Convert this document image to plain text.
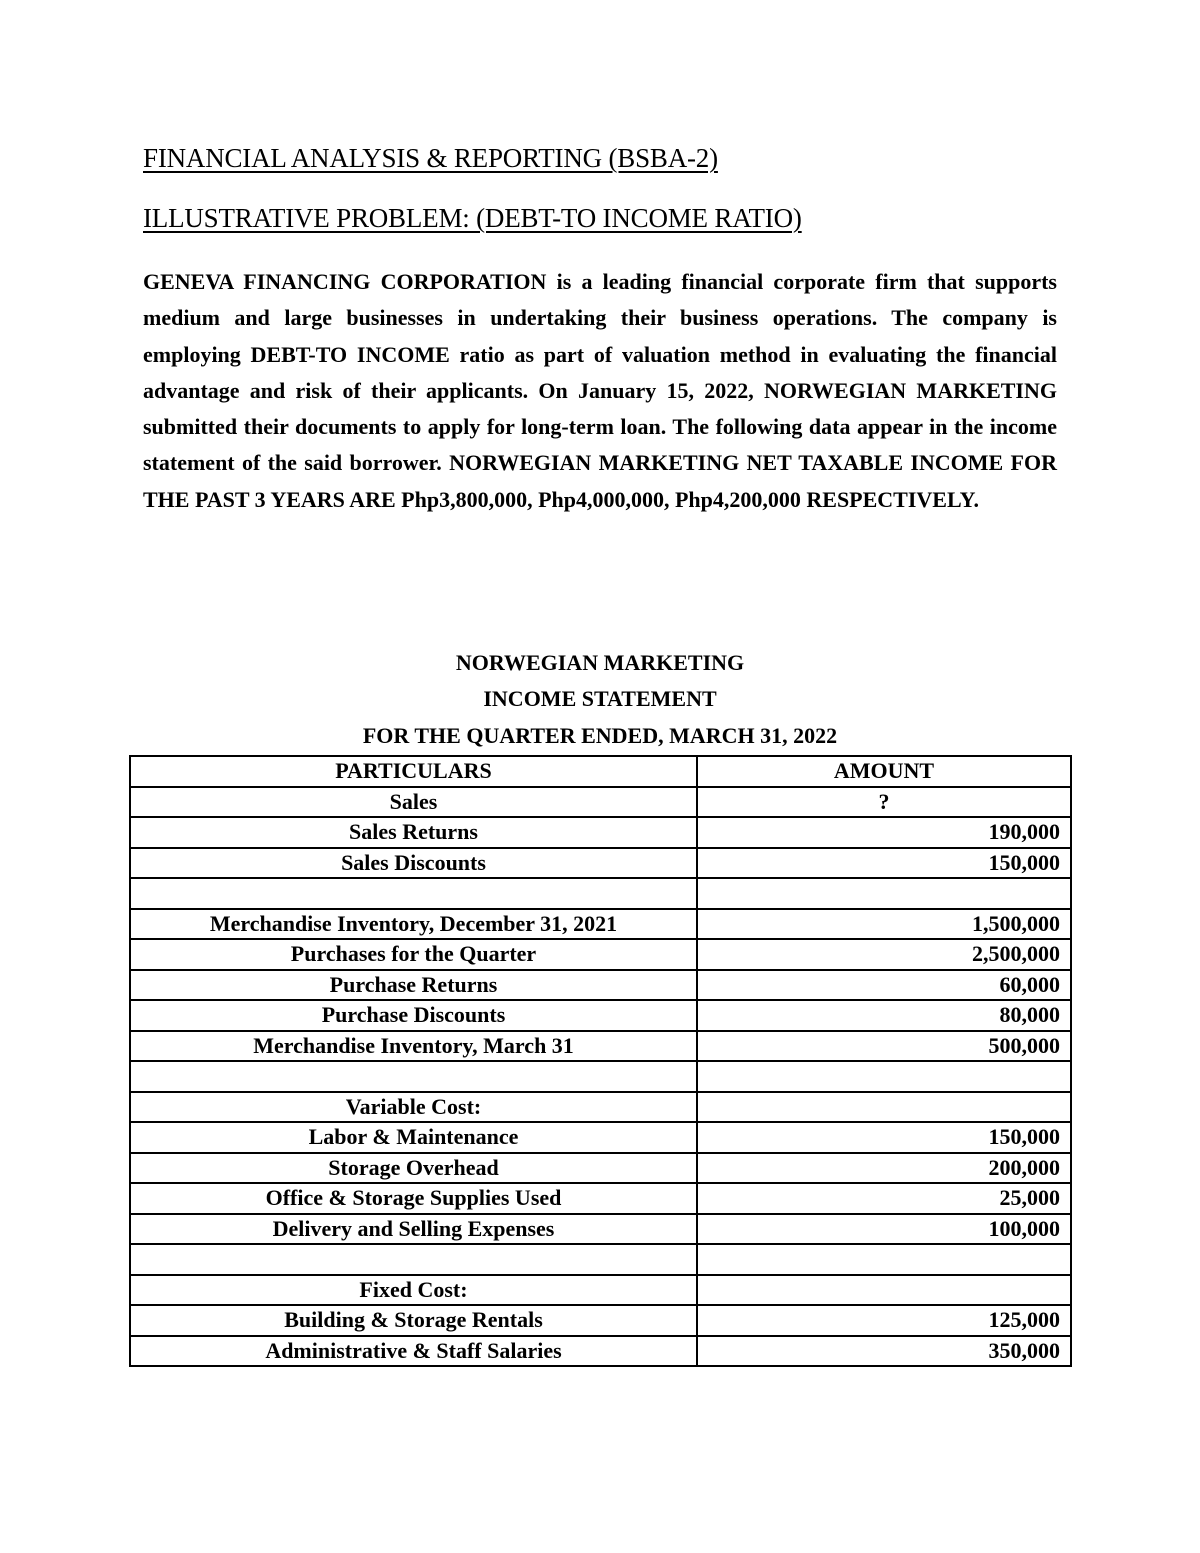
FINANCIAL ANALYSIS & REPORTING (BSBA-2)
ILLUSTRATIVE PROBLEM: (DEBT-TO INCOME RATIO)

GENEVA FINANCING CORPORATION is a leading financial corporate firm that supports medium and large businesses in undertaking their business operations. The company is employing DEBT-TO INCOME ratio as part of valuation method in evaluating the financial advantage and risk of their applicants. On January 15, 2022, NORWEGIAN MARKETING submitted their documents to apply for long-term loan. The following data appear in the income statement of the said borrower. NORWEGIAN MARKETING NET TAXABLE INCOME FOR THE PAST 3 YEARS ARE Php3,800,000, Php4,000,000, Php4,200,000 RESPECTIVELY.

NORWEGIAN MARKETING
INCOME STATEMENT
FOR THE QUARTER ENDED, MARCH 31, 2022
PARTICULARS	AMOUNT
Sales	?
Sales Returns	190,000
Sales Discounts	150,000

Merchandise Inventory, December 31, 2021	1,500,000
Purchases for the Quarter	2,500,000
Purchase Returns	60,000
Purchase Discounts	80,000
Merchandise Inventory, March 31	500,000

Variable Cost:	
Labor & Maintenance	150,000
Storage Overhead	200,000
Office & Storage Supplies Used	25,000
Delivery and Selling Expenses	100,000

Fixed Cost:	
Building & Storage Rentals	125,000
Administrative & Staff Salaries	350,000
